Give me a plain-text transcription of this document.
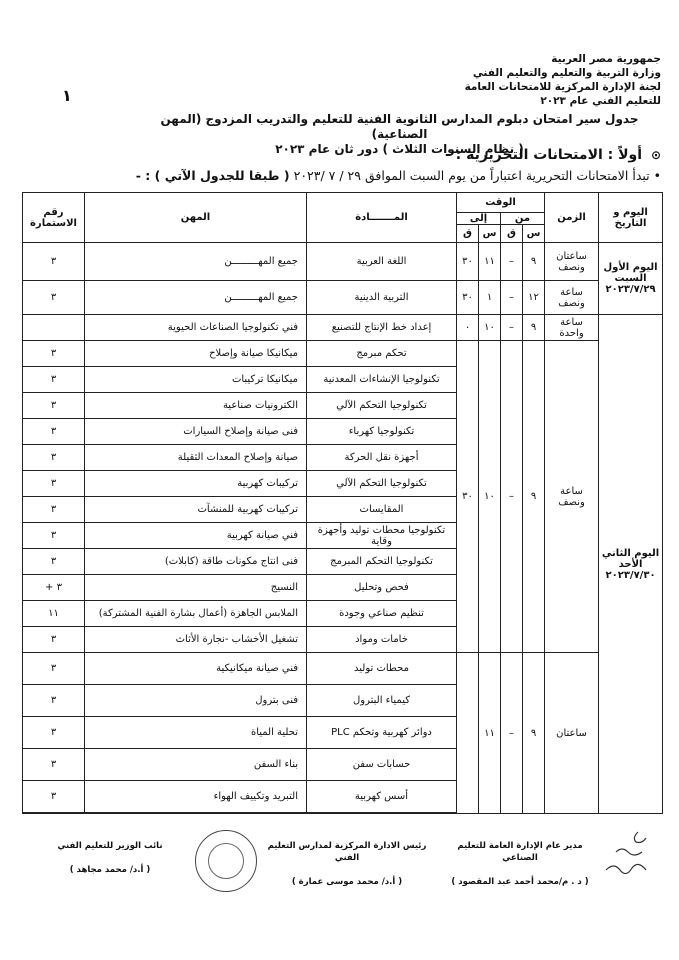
جمهورية مصر العربية
وزارة التربية والتعليم والتعليم الفني
لجنة الإدارة المركزية للامتحانات العامة
للتعليم الفني عام ٢٠٢٣
١
جدول سير امتحان دبلوم المدارس الثانوية الفنية للتعليم والتدريب المزدوج (المهن الصناعية)
( نظام السنوات الثلاث ) دور ثان عام ٢٠٢٣	⊙ أولاً : الامتحانات التحريرية : -
• تبدأ الامتحانات التحريرية اعتباراً من يوم السبت الموافق ٢٩ / ٧ /٢٠٢٣ ( طبقا للجدول الآتي ) : -
اليوم و التاريخ	الزمن	الوقت				المـــــــادة	المهن	رقم الاستمارة
		من		إلى				
		س	ق	س	ق			

اليوم الأول
السبت
٢٠٢٣/٧/٢٩	ساعتان ونصف	٩	–	١١	٣٠	اللغة العربية	جميع المهـــــــــن	٣
	ساعة ونصف	١٢	–	١	٣٠	التربية الدينية	جميع المهـــــــــن	٣

اليوم الثاني
الأحد
٢٠٢٣/٧/٣٠	ساعة واحدة	٩	–	١٠	٠	إعداد خط الإنتاج للتصنيع	فني تكنولوجيا الصناعات الحيوية	
	ساعة ونصف	٩	–	١٠	٣٠	تحكم مبرمج	ميكانيكا صيانة وإصلاح	٣
						تكنولوجيا الإنشاءات المعدنية	ميكانيكا تركيبات	٣
						تكنولوجيا التحكم الآلي	الكترونيات صناعية	٣
						تكنولوجيا كهرباء	فنى صيانة وإصلاح السيارات	٣
						أجهزة نقل الحركة	صيانة وإصلاح المعدات الثقيلة	٣
						تكنولوجيا التحكم الآلي	تركيبات كهربية	٣
						المقايسات	تركيبات كهربية للمنشآت	٣
						تكنولوجيا محطات توليد وأجهزة وقاية	فني صيانة كهربية	٣
						تكنولوجيا التحكم المبرمج	فنى انتاج مكونات طاقة (كابلات)	٣
						فحص وتحليل	النسيج	٣ +
						تنظيم صناعي وجودة	الملابس الجاهزة (أعمال بشارة الفنية المشتركة)	١١
						خامات ومواد	تشغيل الأخشاب -نجارة الأثاث	٣
	ساعتان	٩	–	١١		محطات توليد	فني صيانة ميكانيكية	٣
						كيمياء البترول	فنى بترول	٣
						دوائر كهربية وتحكم PLC	تحلية المياة	٣
						حسابات سفن	بناء السفن	٣
						أسس كهربية	التبريد وتكييف الهواء	٣

مدير عام الإدارة العامة للتعليم الصناعي
( د . م/محمد أحمد عبد المقصود )
رئيس الادارة المركزية لمدارس التعليم الفني
( أ.د/ محمد موسى عمارة )
نائب الوزير للتعليم الفني
( أ.د/ محمد مجاهد )
